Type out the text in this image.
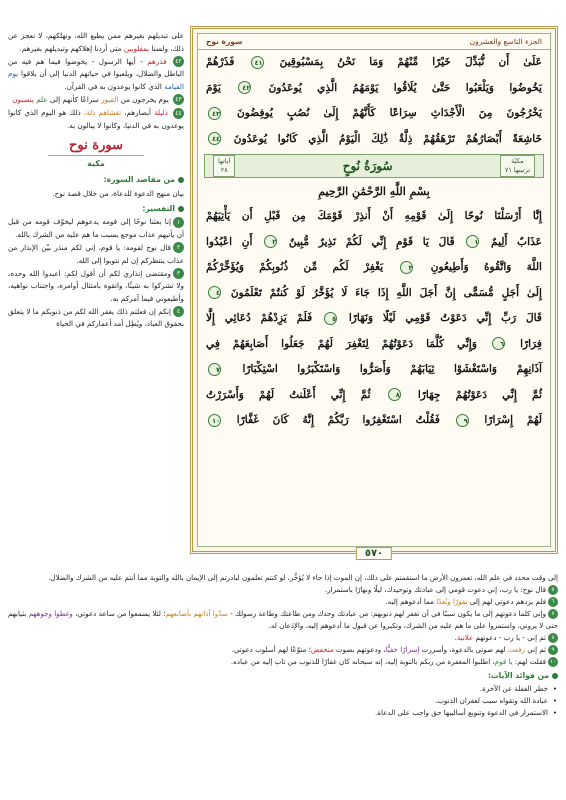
علی تبدیلهم بغیرهم ممن یطیع الله، ونهلکهم، لا نعجز عن ذلك، ولسنا بمغلوبين متی أردنا إهلاكهم وتبدیلهم بغیرهم.

٤٢ فذرهم - أيها الرسول - يخوضوا فيما هم فيه من الباطل والضلال، ويلعبوا في حياتهم الدنيا إلى أن يلاقوا يوم القيامة الذي كانوا يوعدون به في القرآن.

٤٣ يوم يخرجون من القبور سراعًا كأنهم إلى علم ينصبون

٤٤ ذليلة أبصارهم، تغشاهم ذلة، ذلك هو اليوم الذي كانوا يوعدون به في الدنيا، وكانوا لا يبالون به.

سورة نوح
مكية
من مقاصد السورة:

بيان منهج الدعوة للدعاة، من خلال قصة نوح.

التفسير:

١إنا بعثنا نوحًا إلى قومه يدعوهم ليخوّف قومه من قبل أن يأتيهم عذاب موجع بسبب ما هم عليه من الشرك بالله.

٢قال نوح لقومه: يا قوم، إني لكم منذر بيّن الإنذار من عذاب ينتظركم إن لم تتوبوا إلى الله.

٣ومقتضی إنذاري لكم أن أقول لكم: اعبدوا الله وحده، ولا تشركوا به شيئًا، واتقوه بامتثال أوامره، واجتناب نواهيه، وأطيعوني فيما آمركم به.

٤إنكم إن فعلتم ذلك يغفر الله لكم من ذنوبكم ما لا يتعلق بحقوق العباد، ويُطِل أمد أعماركم في الحياة

الجزء التاسع والعشرون
سورة نوح
عَلَىٰ أَن نُّبَدِّلَ خَيْرًا مِّنْهُمْ وَمَا نَحْنُ بِمَسْبُوقِينَ ٤١ فَذَرْهُمْ
يَخُوضُوا وَيَلْعَبُوا حَتَّىٰ يُلَاقُوا يَوْمَهُمُ الَّذِي يُوعَدُونَ ٤٢ يَوْمَ
يَخْرُجُونَ مِنَ الْأَجْدَاثِ سِرَاعًا كَأَنَّهُمْ إِلَىٰ نُصُبٍ يُوفِضُونَ ٤٣
خَاشِعَةً أَبْصَارُهُمْ تَرْهَقُهُمْ ذِلَّةٌ ذَٰلِكَ الْيَوْمُ الَّذِي كَانُوا يُوعَدُونَ ٤٤
مكيّة
ترتيبها ٧١
سُورَةُ نُوحٍ
آياتها
٢٨
بِسْمِ اللَّهِ الرَّحْمَٰنِ الرَّحِيمِ
إِنَّا أَرْسَلْنَا نُوحًا إِلَىٰ قَوْمِهِ أَنْ أَنذِرْ قَوْمَكَ مِن قَبْلِ أَن يَأْتِيَهُمْ
عَذَابٌ أَلِيمٌ ١ قَالَ يَا قَوْمِ إِنِّي لَكُمْ نَذِيرٌ مُّبِينٌ ٢ أَنِ اعْبُدُوا
اللَّهَ وَاتَّقُوهُ وَأَطِيعُونِ ٣ يَغْفِرْ لَكُم مِّن ذُنُوبِكُمْ وَيُؤَخِّرْكُمْ
إِلَىٰ أَجَلٍ مُّسَمًّى إِنَّ أَجَلَ اللَّهِ إِذَا جَاءَ لَا يُؤَخَّرُ لَوْ كُنتُمْ تَعْلَمُونَ ٤
قَالَ رَبِّ إِنِّي دَعَوْتُ قَوْمِي لَيْلًا وَنَهَارًا ٥ فَلَمْ يَزِدْهُمْ دُعَائِي إِلَّا
فِرَارًا ٦ وَإِنِّي كُلَّمَا دَعَوْتُهُمْ لِتَغْفِرَ لَهُمْ جَعَلُوا أَصَابِعَهُمْ فِي
آذَانِهِمْ وَاسْتَغْشَوْا ثِيَابَهُمْ وَأَصَرُّوا وَاسْتَكْبَرُوا اسْتِكْبَارًا ٧
ثُمَّ إِنِّي دَعَوْتُهُمْ جِهَارًا ٨ ثُمَّ إِنِّي أَعْلَنتُ لَهُمْ وَأَسْرَرْتُ
لَهُمْ إِسْرَارًا ٩ فَقُلْتُ اسْتَغْفِرُوا رَبَّكُمْ إِنَّهُ كَانَ غَفَّارًا ١٠
٥٧٠

إلى وقت محدد في علم الله، تعمرون الأرض ما استقمتم على ذلك، إن الموت إذا جاء لا يُؤخَّر، لو كنتم تعلمون لبادرتم إلى الإيمان بالله والتوبة مما أنتم عليه من الشرك والضلال.

٥قال نوح: يا رب، إني دعوت قومي إلى عبادتك وتوحيدك، ليلًا ونهارًا باستمرار.

٦فلم يزدهم دعوتي لهم إلى نفورًا وبُعدًا مما أدعوهم إليه.

٧وإني كلما دعوتهم إلى ما يكون سببًا في أن تغفر لهم ذنوبهم: من عبادتك وحدك ومن طاعتك وطاعة رسولك - سدّوا آذانهم بأصابعهم؛ لئلا يسمعوا من ساعة دعوتي، وغطوا وجوههم بثيابهم حتى لا يروني، واستمروا على ما هم عليه من الشرك، وتكبروا عن قبول ما أدعوهم إليه، والإذعان له.

٨ثم إني - يا رب - دعوتهم علانية.

٩ثم إني رفعت لهم صوتي بالدعوة، وأسررت إسرارًا خفيًّا، ودعوتهم بصوت منخفض؛ منوّعًا لهم أسلوب دعوتي.

١٠فقلت لهم: يا قوم، اطلبوا المغفرة من ربكم بالتوبة إليه، إنه سبحانه كان غفارًا للذنوب من تاب إليه من عباده.

من فوائد الآيات:
• خطر الغفلة عن الآخرة.
• عبادة الله وتقواه سبب لغفران الذنوب.
• الاستمرار في الدعوة وتنويع أساليبها حق واجب على الدعاة.
